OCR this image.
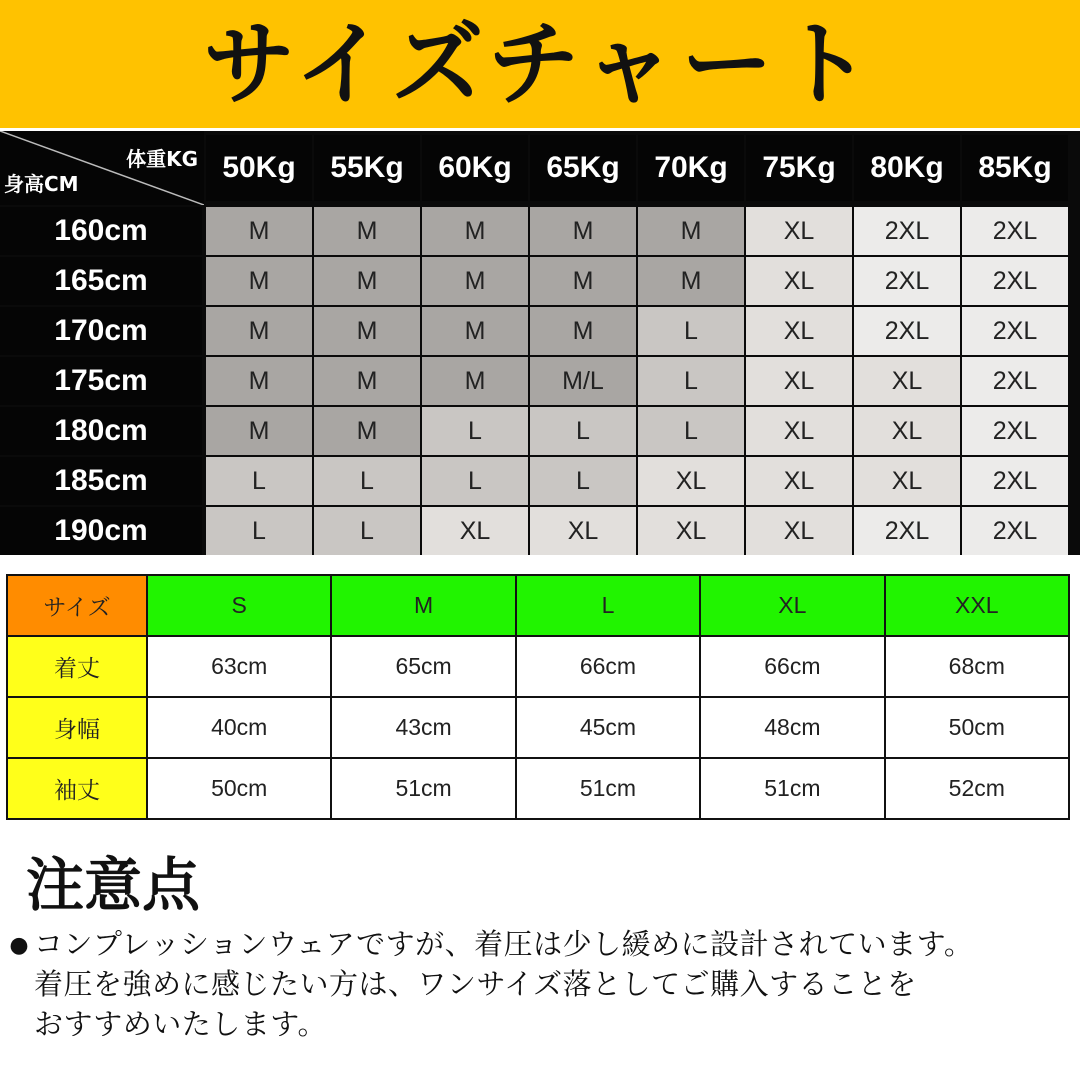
サイズチャート
体重KG
身高CM	50Kg	55Kg	60Kg	65Kg	70Kg	75Kg	80Kg	85Kg
160cm	M	M	M	M	M	XL	2XL	2XL
165cm	M	M	M	M	M	XL	2XL	2XL
170cm	M	M	M	M	L	XL	2XL	2XL
175cm	M	M	M	M/L	L	XL	XL	2XL
180cm	M	M	L	L	L	XL	XL	2XL
185cm	L	L	L	L	XL	XL	XL	2XL
190cm	L	L	XL	XL	XL	XL	2XL	2XL
サイズ	S	M	L	XL	XXL
着丈	63cm	65cm	66cm	66cm	68cm
身幅	40cm	43cm	45cm	48cm	50cm
袖丈	50cm	51cm	51cm	51cm	52cm
注意点
● コンプレッションウェアですが、着圧は少し緩めに設計されています。
着圧を強めに感じたい方は、ワンサイズ落としてご購入することを
おすすめいたします。
